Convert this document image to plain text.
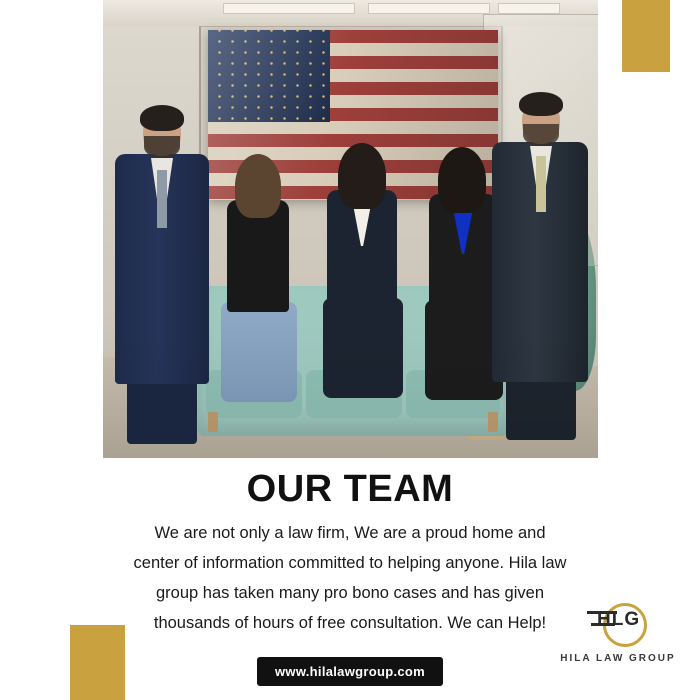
OUR TEAM
We are not only a law firm, We are a proud home and center of information committed to helping anyone. Hila law group has taken many pro bono cases and has given thousands of hours of free consultation. We can Help!	HLG
HILA LAW GROUP
www.hilalawgroup.com
